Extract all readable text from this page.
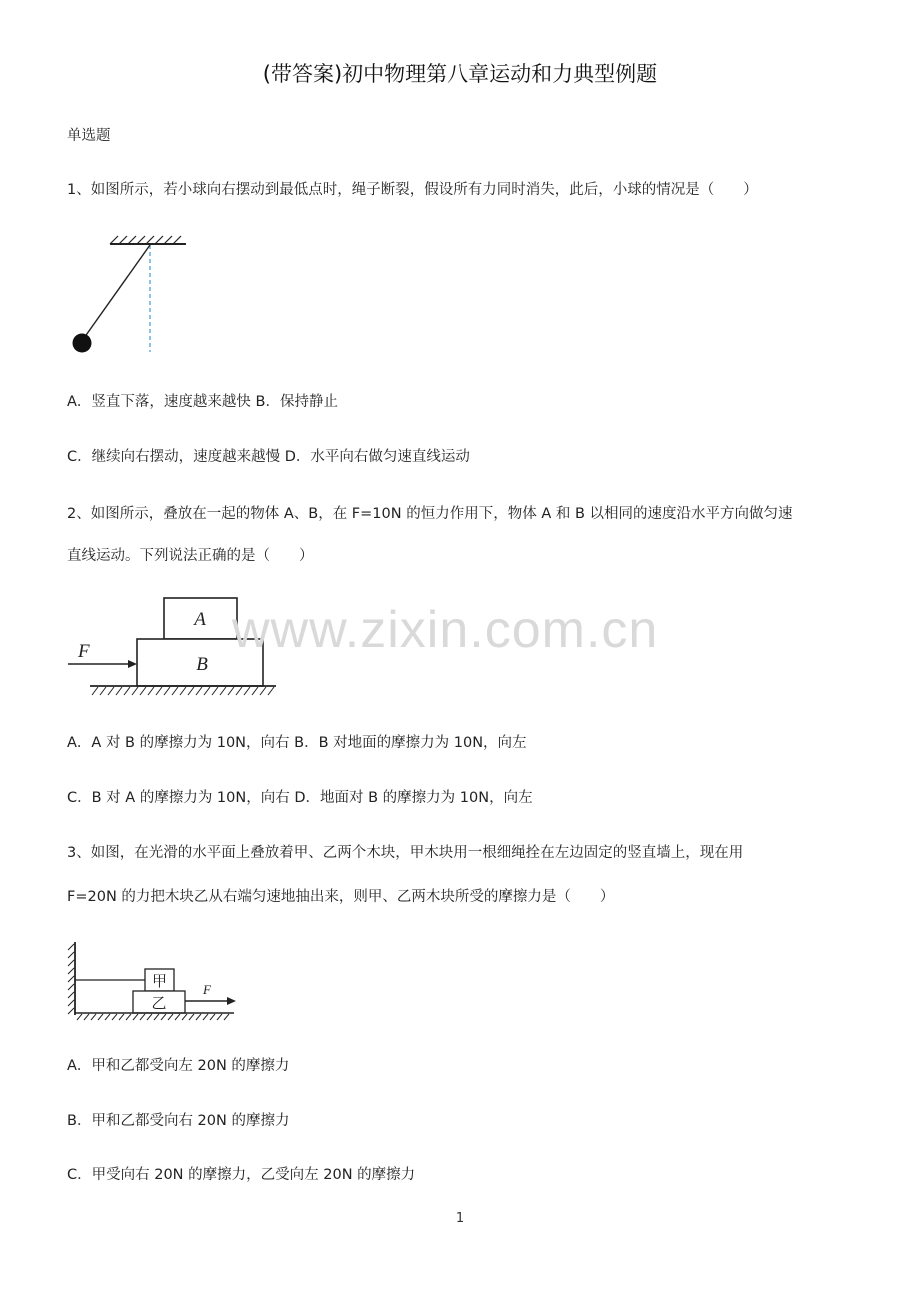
(带答案)初中物理第八章运动和力典型例题
单选题
1、如图所示，若小球向右摆动到最低点时，绳子断裂，假设所有力同时消失，此后，小球的情况是（　　）
A．竖直下落，速度越来越快 B．保持静止
C．继续向右摆动，速度越来越慢 D．水平向右做匀速直线运动
2、如图所示，叠放在一起的物体 A、B，在 F=10N 的恒力作用下，物体 A 和 B 以相同的速度沿水平方向做匀速
直线运动。下列说法正确的是（　　）
A
B
F	www.zixin.com.cn
A．A 对 B 的摩擦力为 10N，向右 B．B 对地面的摩擦力为 10N，向左
C．B 对 A 的摩擦力为 10N，向右 D．地面对 B 的摩擦力为 10N，向左
3、如图，在光滑的水平面上叠放着甲、乙两个木块，甲木块用一根细绳拴在左边固定的竖直墙上，现在用
F=20N 的力把木块乙从右端匀速地抽出来，则甲、乙两木块所受的摩擦力是（　　）
甲
乙
F
A．甲和乙都受向左 20N 的摩擦力
B．甲和乙都受向右 20N 的摩擦力
C．甲受向右 20N 的摩擦力，乙受向左 20N 的摩擦力
1
